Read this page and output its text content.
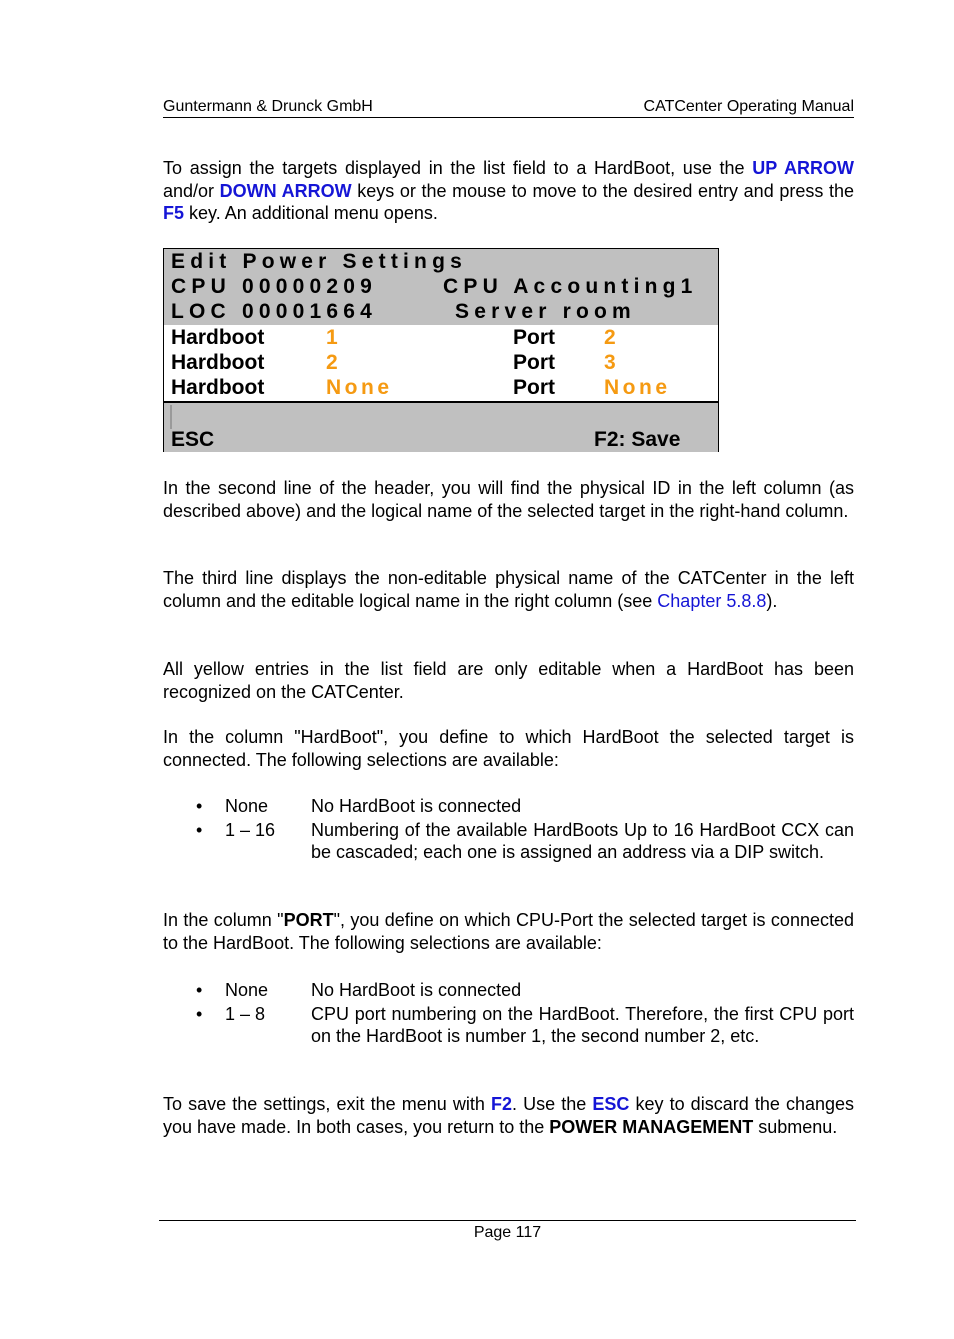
Guntermann & Drunck GmbH	CATCenter Operating Manual

To assign the targets displayed in the list field to a HardBoot, use the UP ARROW and/or DOWN ARROW keys or the mouse to move to the desired entry and press the F5 key. An additional menu opens.

Edit Power Settings
CPU 00000209	CPU Accounting1
LOC 00001664	Server room
Hardboot	1	Port 2
Hardboot	2	Port 3
Hardboot	None	Port None
ESC	F2: Save

In the second line of the header, you will find the physical ID in the left column (as described above) and the logical name of the selected target in the right-hand column.

The third line displays the non-editable physical name of the CATCenter in the left column and the editable logical name in the right column (see Chapter 5.8.8).

All yellow entries in the list field are only editable when a HardBoot has been recognized on the CATCenter.

In the column "HardBoot", you define to which HardBoot the selected target is connected. The following selections are available:

• None No HardBoot is connected
• 1 – 16 Numbering of the available HardBoots Up to 16 HardBoot CCX can be cascaded; each one is assigned an address via a DIP switch.

In the column "PORT", you define on which CPU-Port the selected target is connected to the HardBoot. The following selections are available:

• None No HardBoot is connected
• 1 – 8	CPU port numbering on the HardBoot. Therefore, the first CPU port on the HardBoot is number 1, the second number 2, etc.

To save the settings, exit the menu with F2. Use the ESC key to discard the changes you have made. In both cases, you return to the POWER MANAGEMENT submenu.

Page 117
